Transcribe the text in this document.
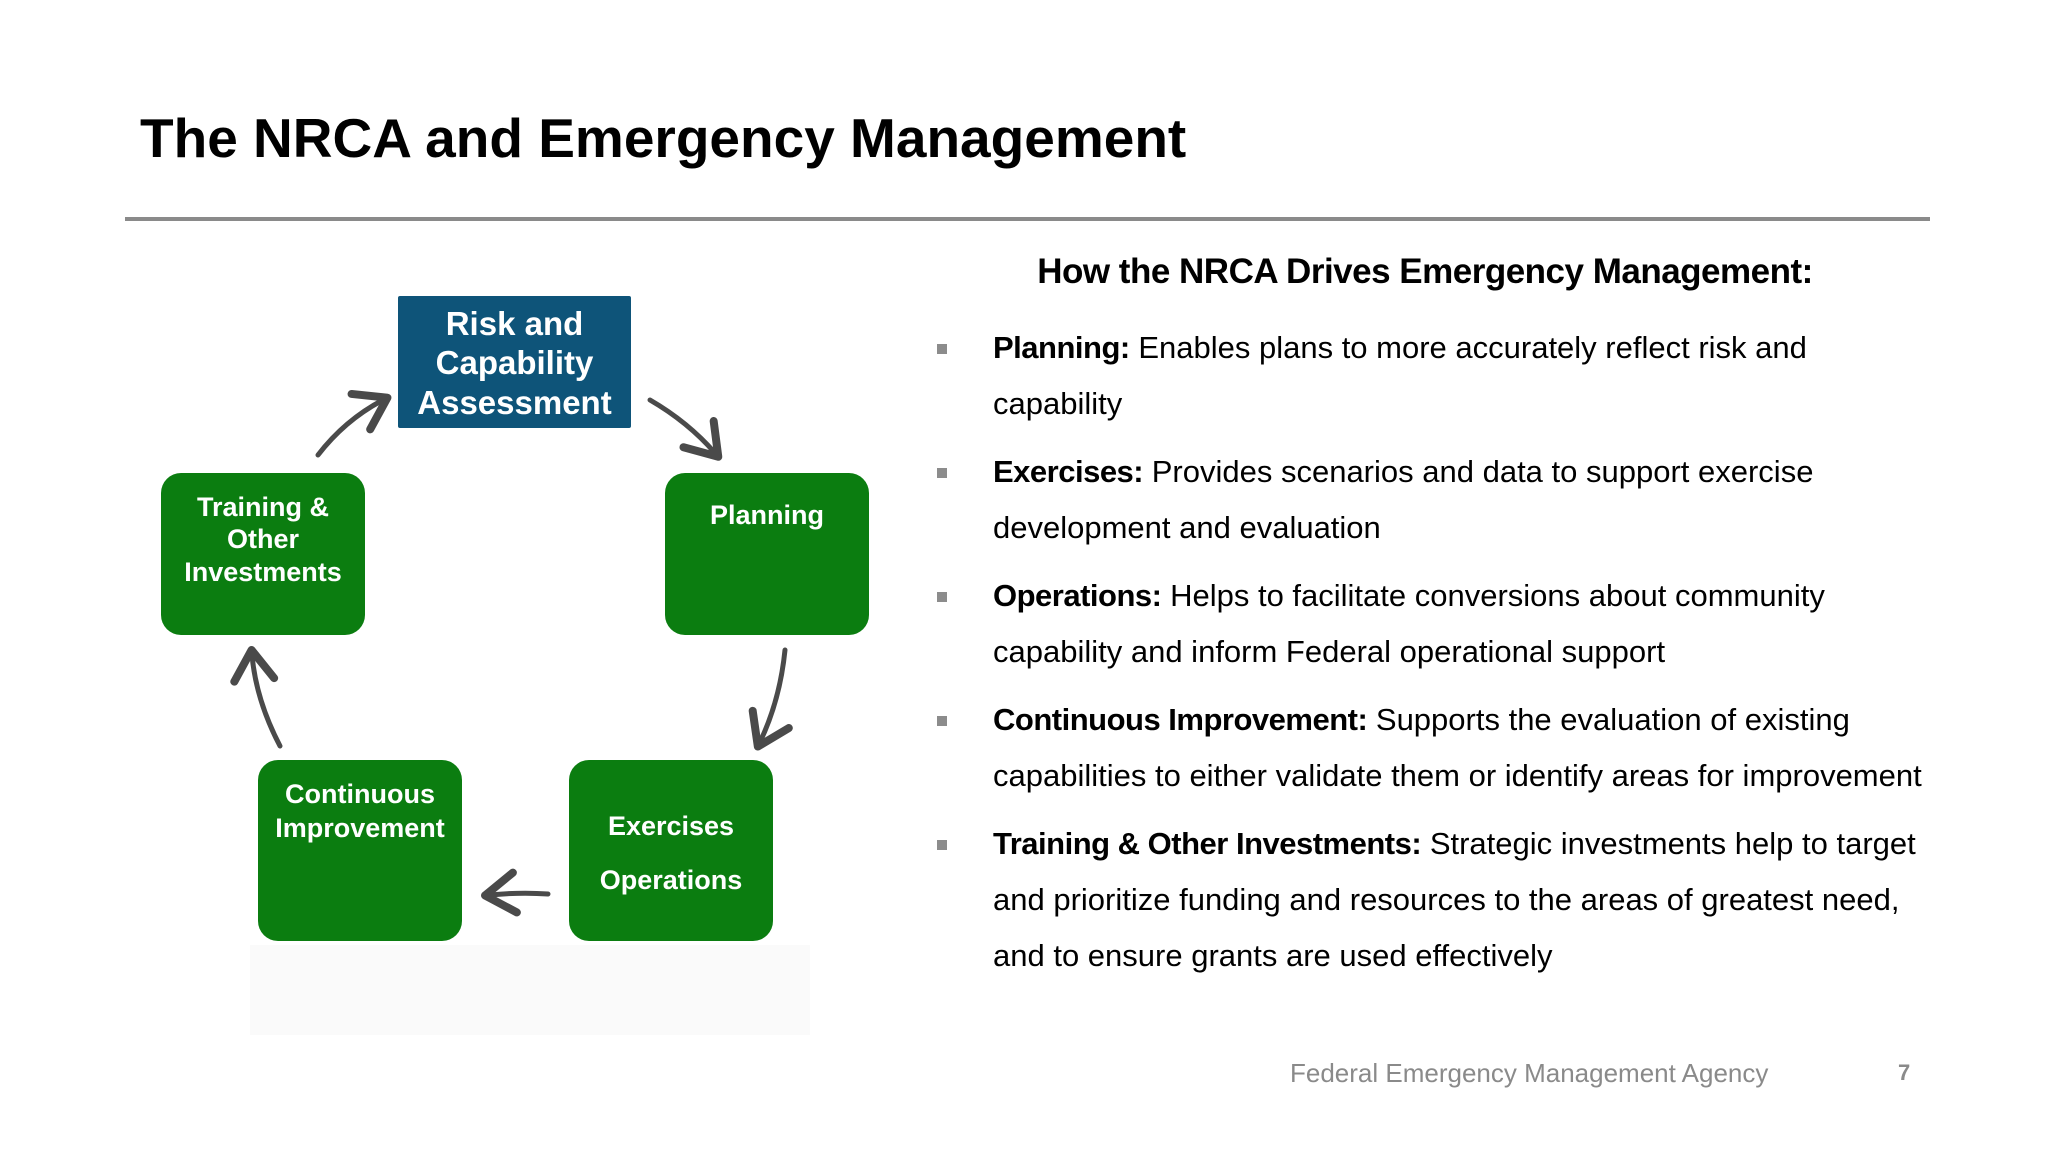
The NRCA and Emergency Management
Risk and
Capability
Assessment
Training &
Other
Investments
Planning
Continuous
Improvement	Exercises
Operations
How the NRCA Drives Emergency Management:
Planning: Enables plans to more accurately reflect risk and capability
Exercises: Provides scenarios and data to support exercise development and evaluation
Operations: Helps to facilitate conversions about community capability and inform Federal operational support
Continuous Improvement: Supports the evaluation of existing capabilities to either validate them or identify areas for improvement
Training & Other Investments: Strategic investments help to target and prioritize funding and resources to the areas of greatest need, and to ensure grants are used effectively
Federal Emergency Management Agency	7
